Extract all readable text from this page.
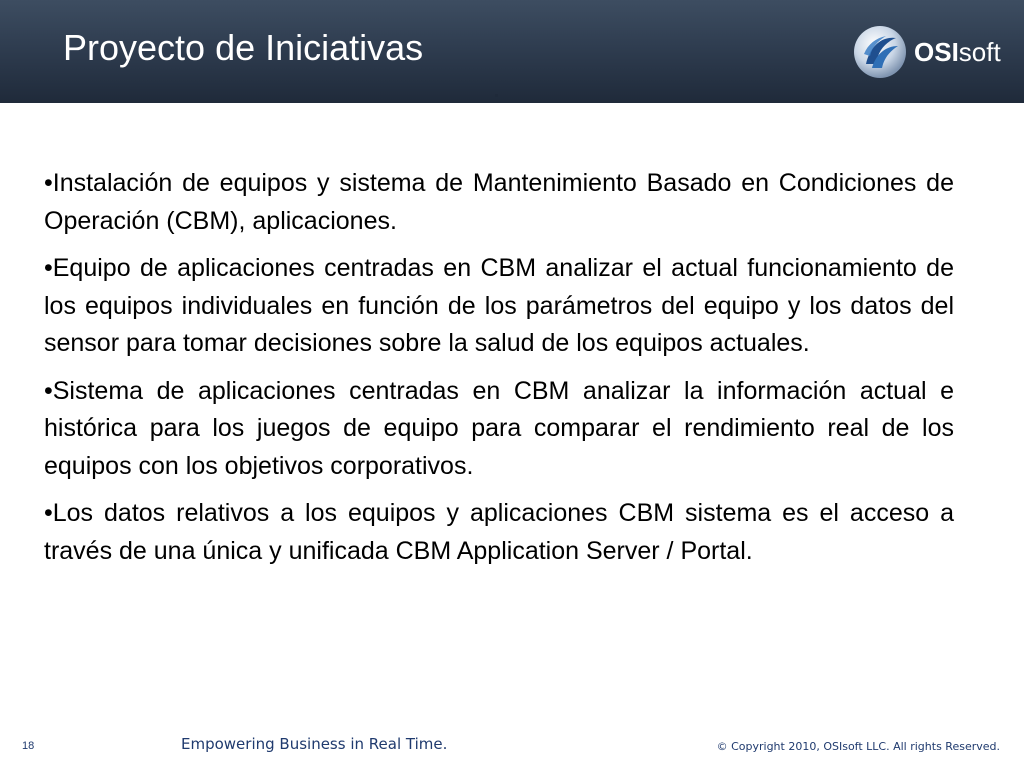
Proyecto de Iniciativas	OSIsoft

•Instalación de equipos y sistema de Mantenimiento Basado en Condiciones de Operación (CBM), aplicaciones.

•Equipo de aplicaciones centradas en CBM analizar el actual funcionamiento de los equipos individuales en función de los parámetros del equipo y los datos del sensor para tomar decisiones sobre la salud de los equipos actuales.

•Sistema de aplicaciones centradas en CBM analizar la información actual e histórica para los juegos de equipo para comparar el rendimiento real de los equipos con los objetivos corporativos.

•Los datos relativos a los equipos y aplicaciones CBM sistema es el acceso a través de una única y unificada CBM Application Server / Portal.

18	Empowering Business in Real Time.	© Copyright 2010, OSIsoft LLC. All rights Reserved.
